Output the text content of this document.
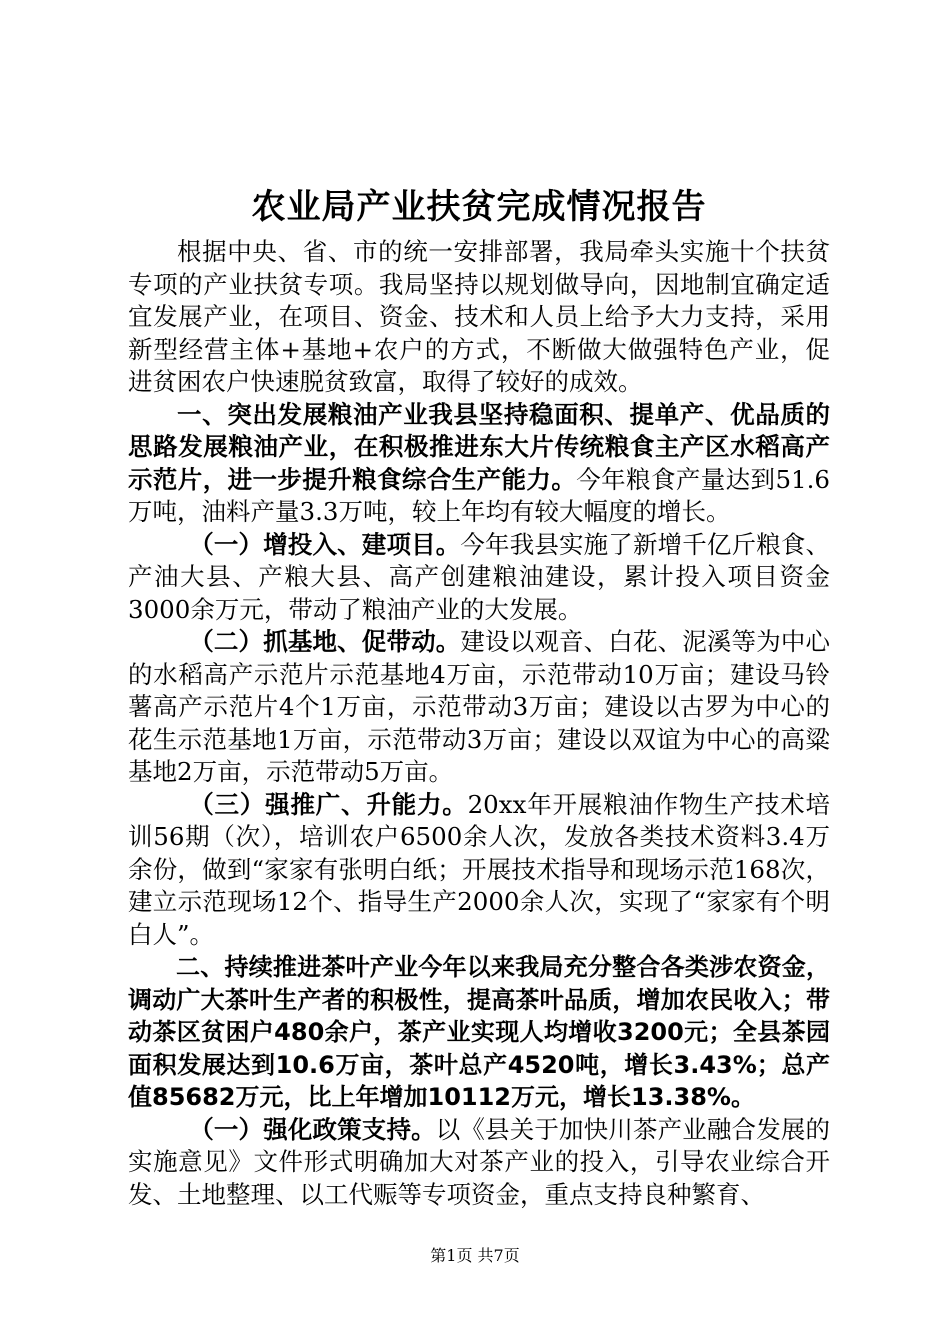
农业局产业扶贫完成情况报告

根据中央、省、市的统一安排部署，我局牵头实施十个扶贫专项的产业扶贫专项。我局坚持以规划做导向，因地制宜确定适宜发展产业，在项目、资金、技术和人员上给予大力支持，采用新型经营主体+基地+农户的方式，不断做大做强特色产业，促进贫困农户快速脱贫致富，取得了较好的成效。

一、突出发展粮油产业我县坚持稳面积、提单产、优品质的思路发展粮油产业，在积极推进东大片传统粮食主产区水稻高产示范片，进一步提升粮食综合生产能力。今年粮食产量达到51.6万吨，油料产量3.3万吨，较上年均有较大幅度的增长。

（一）增投入、建项目。今年我县实施了新增千亿斤粮食、产油大县、产粮大县、高产创建粮油建设，累计投入项目资金3000余万元，带动了粮油产业的大发展。

（二）抓基地、促带动。建设以观音、白花、泥溪等为中心的水稻高产示范片示范基地4万亩，示范带动10万亩；建设马铃薯高产示范片4个1万亩，示范带动3万亩；建设以古罗为中心的花生示范基地1万亩，示范带动3万亩；建设以双谊为中心的高粱基地2万亩，示范带动5万亩。

（三）强推广、升能力。20xx年开展粮油作物生产技术培训56期（次），培训农户6500余人次，发放各类技术资料3.4万余份，做到“家家有张明白纸；开展技术指导和现场示范168次，建立示范现场12个、指导生产2000余人次，实现了“家家有个明白人”。

二、持续推进茶叶产业今年以来我局充分整合各类涉农资金，调动广大茶叶生产者的积极性，提高茶叶品质，增加农民收入；带动茶区贫困户480余户，茶产业实现人均增收3200元；全县茶园面积发展达到10.6万亩，茶叶总产4520吨，增长3.43%；总产值85682万元，比上年增加10112万元，增长13.38%。

（一）强化政策支持。以《县关于加快川茶产业融合发展的实施意见》文件形式明确加大对茶产业的投入，引导农业综合开发、土地整理、以工代赈等专项资金，重点支持良种繁育、

第1页 共7页
